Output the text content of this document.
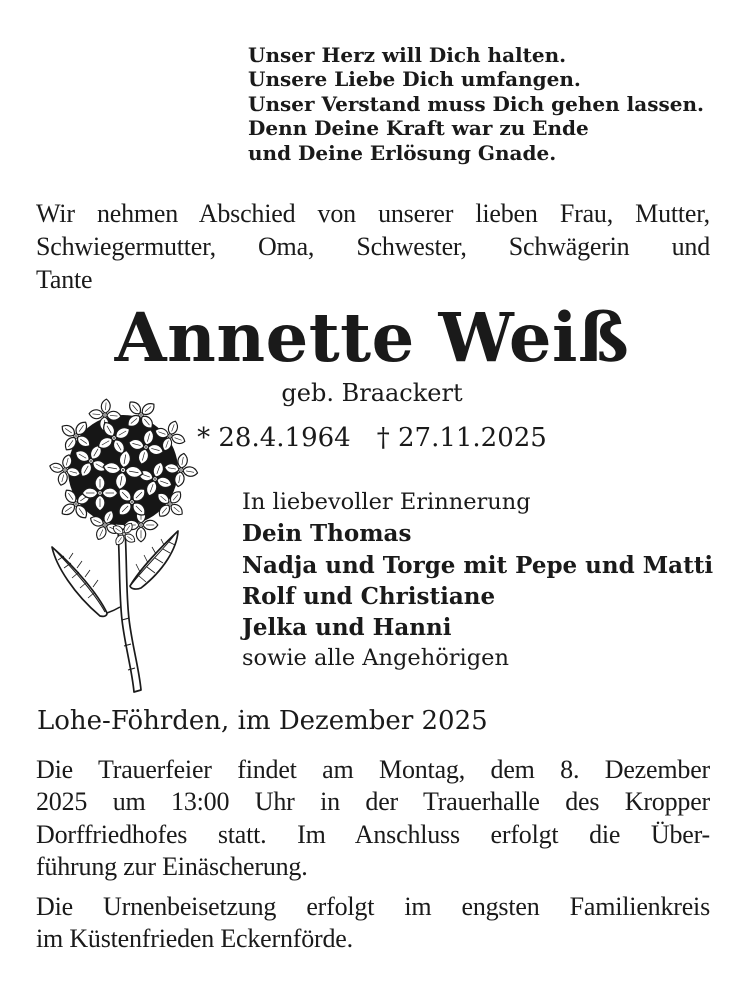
Unser Herz will Dich halten.
Unsere Liebe Dich umfangen.
Unser Verstand muss Dich gehen lassen.
Denn Deine Kraft war zu Ende
und Deine Erlösung Gnade.
Wir nehmen Abschied von unserer lieben Frau, Mutter,
Schwiegermutter, Oma, Schwester, Schwägerin und
Tante
Annette Weiß
geb. Braackert
* 28.4.1964 † 27.11.2025
In liebevoller Erinnerung
Dein Thomas
Nadja und Torge mit Pepe und Matti
Rolf und Christiane
Jelka und Hanni
sowie alle Angehörigen
Lohe-Föhrden, im Dezember 2025
Die Trauerfeier findet am Montag, dem 8. Dezember
2025 um 13:00 Uhr in der Trauerhalle des Kropper
Dorffriedhofes statt. Im Anschluss erfolgt die Über-
führung zur Einäscherung.
Die Urnenbeisetzung erfolgt im engsten Familienkreis
im Küstenfrieden Eckernförde.
